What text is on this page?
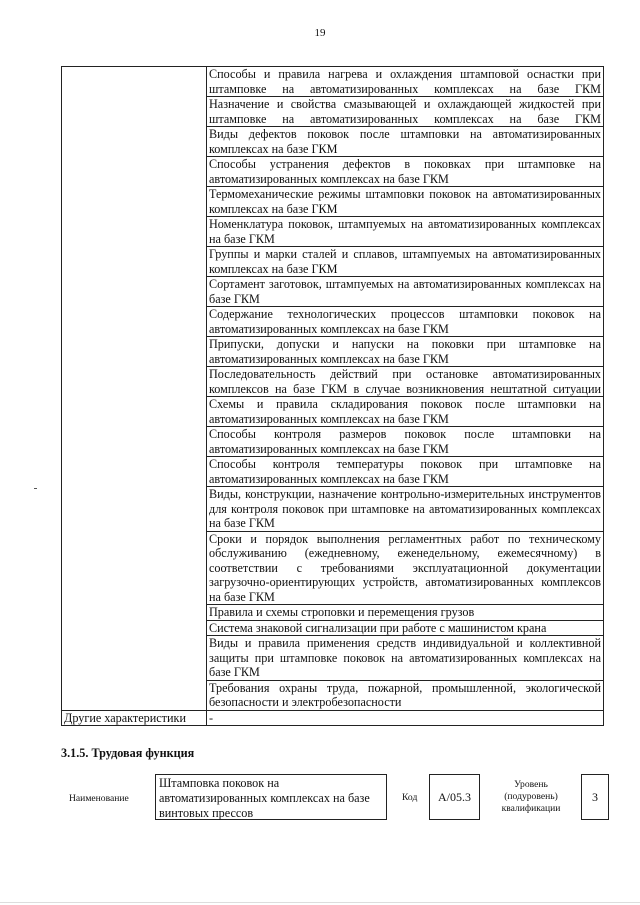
19
	Способы и правила нагрева и охлаждения штамповой оснастки при штамповке на автоматизированных комплексах на базе ГКМ
	Назначение и свойства смазывающей и охлаждающей жидкостей при штамповке на автоматизированных комплексах на базе ГКМ
	Виды дефектов поковок после штамповки на автоматизированных комплексах на базе ГКМ
	Способы устранения дефектов в поковках при штамповке на автоматизированных комплексах на базе ГКМ
	Термомеханические режимы штамповки поковок на автоматизированных комплексах на базе ГКМ
	Номенклатура поковок, штампуемых на автоматизированных комплексах на базе ГКМ
	Группы и марки сталей и сплавов, штампуемых на автоматизированных комплексах на базе ГКМ
	Сортамент заготовок, штампуемых на автоматизированных комплексах на базе ГКМ
	Содержание технологических процессов штамповки поковок на автоматизированных комплексах на базе ГКМ
	Припуски, допуски и напуски на поковки при штамповке на автоматизированных комплексах на базе ГКМ
	Последовательность действий при остановке автоматизированных комплексов на базе ГКМ в случае возникновения нештатной ситуации
	Схемы и правила складирования поковок после штамповки на автоматизированных комплексах на базе ГКМ
	Способы контроля размеров поковок после штамповки на автоматизированных комплексах на базе ГКМ
	Способы контроля температуры поковок при штамповке на автоматизированных комплексах на базе ГКМ
	Виды, конструкции, назначение контрольно-измерительных инструментов для контроля поковок при штамповке на автоматизированных комплексах на базе ГКМ
	Сроки и порядок выполнения регламентных работ по техническому обслуживанию (ежедневному, еженедельному, ежемесячному) в соответствии с требованиями эксплуатационной документации загрузочно-ориентирующих устройств, автоматизированных комплексов на базе ГКМ
	Правила и схемы строповки и перемещения грузов
	Система знаковой сигнализации при работе с машинистом крана
	Виды и правила применения средств индивидуальной и коллективной защиты при штамповке поковок на автоматизированных комплексах на базе ГКМ
	Требования охраны труда, пожарной, промышленной, экологической безопасности и электробезопасности
Другие характеристики	-
3.1.5. Трудовая функция
Наименование
Штамповка поковок на автоматизированных комплексах на базе винтовых прессов
Код	А/05.3
Уровень (подуровень) квалификации
3
